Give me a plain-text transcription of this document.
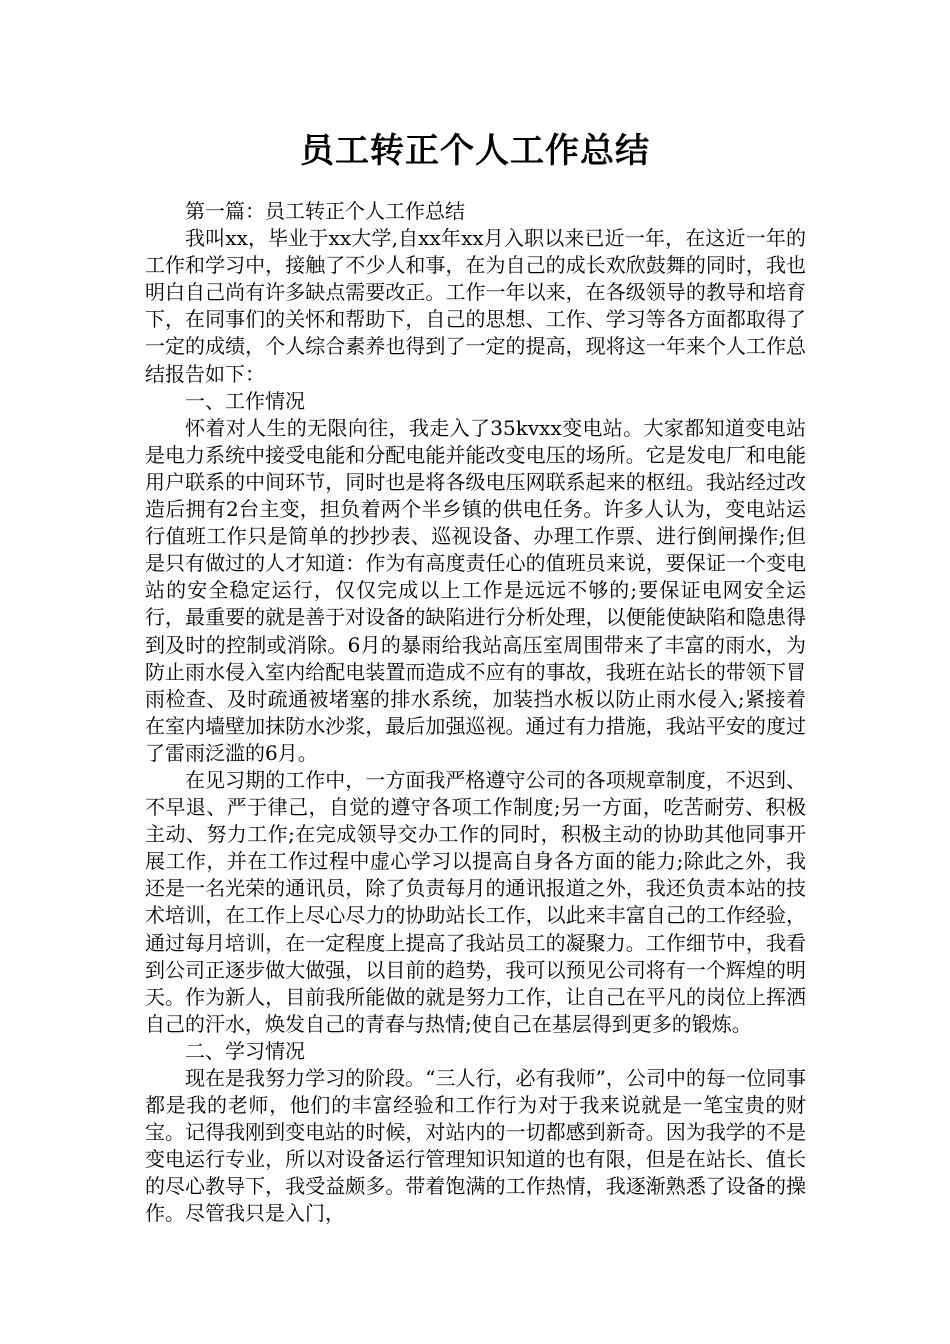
员工转正个人工作总结

第一篇：员工转正个人工作总结

我叫xx，毕业于xx大学,自xx年xx月入职以来已近一年，在这近一年的工作和学习中，接触了不少人和事，在为自己的成长欢欣鼓舞的同时，我也明白自己尚有许多缺点需要改正。工作一年以来，在各级领导的教导和培育下，在同事们的关怀和帮助下，自己的思想、工作、学习等各方面都取得了一定的成绩，个人综合素养也得到了一定的提高，现将这一年来个人工作总结报告如下：

一、工作情况

怀着对人生的无限向往，我走入了35kvxx变电站。大家都知道变电站是电力系统中接受电能和分配电能并能改变电压的场所。它是发电厂和电能用户联系的中间环节，同时也是将各级电压网联系起来的枢纽。我站经过改造后拥有2台主变，担负着两个半乡镇的供电任务。许多人认为，变电站运行值班工作只是简单的抄抄表、巡视设备、办理工作票、进行倒闸操作;但是只有做过的人才知道：作为有高度责任心的值班员来说，要保证一个变电站的安全稳定运行，仅仅完成以上工作是远远不够的;要保证电网安全运行，最重要的就是善于对设备的缺陷进行分析处理，以便能使缺陷和隐患得到及时的控制或消除。6月的暴雨给我站高压室周围带来了丰富的雨水，为防止雨水侵入室内给配电装置而造成不应有的事故，我班在站长的带领下冒雨检查、及时疏通被堵塞的排水系统，加装挡水板以防止雨水侵入;紧接着在室内墙壁加抹防水沙浆，最后加强巡视。通过有力措施，我站平安的度过了雷雨泛滥的6月。

在见习期的工作中，一方面我严格遵守公司的各项规章制度，不迟到、不早退、严于律己，自觉的遵守各项工作制度;另一方面，吃苦耐劳、积极主动、努力工作;在完成领导交办工作的同时，积极主动的协助其他同事开展工作，并在工作过程中虚心学习以提高自身各方面的能力;除此之外，我还是一名光荣的通讯员，除了负责每月的通讯报道之外，我还负责本站的技术培训，在工作上尽心尽力的协助站长工作，以此来丰富自己的工作经验，通过每月培训，在一定程度上提高了我站员工的凝聚力。工作细节中，我看到公司正逐步做大做强，以目前的趋势，我可以预见公司将有一个辉煌的明天。作为新人，目前我所能做的就是努力工作，让自己在平凡的岗位上挥洒自己的汗水，焕发自己的青春与热情;使自己在基层得到更多的锻炼。

二、学习情况

现在是我努力学习的阶段。“三人行，必有我师”，公司中的每一位同事都是我的老师，他们的丰富经验和工作行为对于我来说就是一笔宝贵的财宝。记得我刚到变电站的时候，对站内的一切都感到新奇。因为我学的不是变电运行专业，所以对设备运行管理知识知道的也有限，但是在站长、值长的尽心教导下，我受益颇多。带着饱满的工作热情，我逐渐熟悉了设备的操作。尽管我只是入门，
